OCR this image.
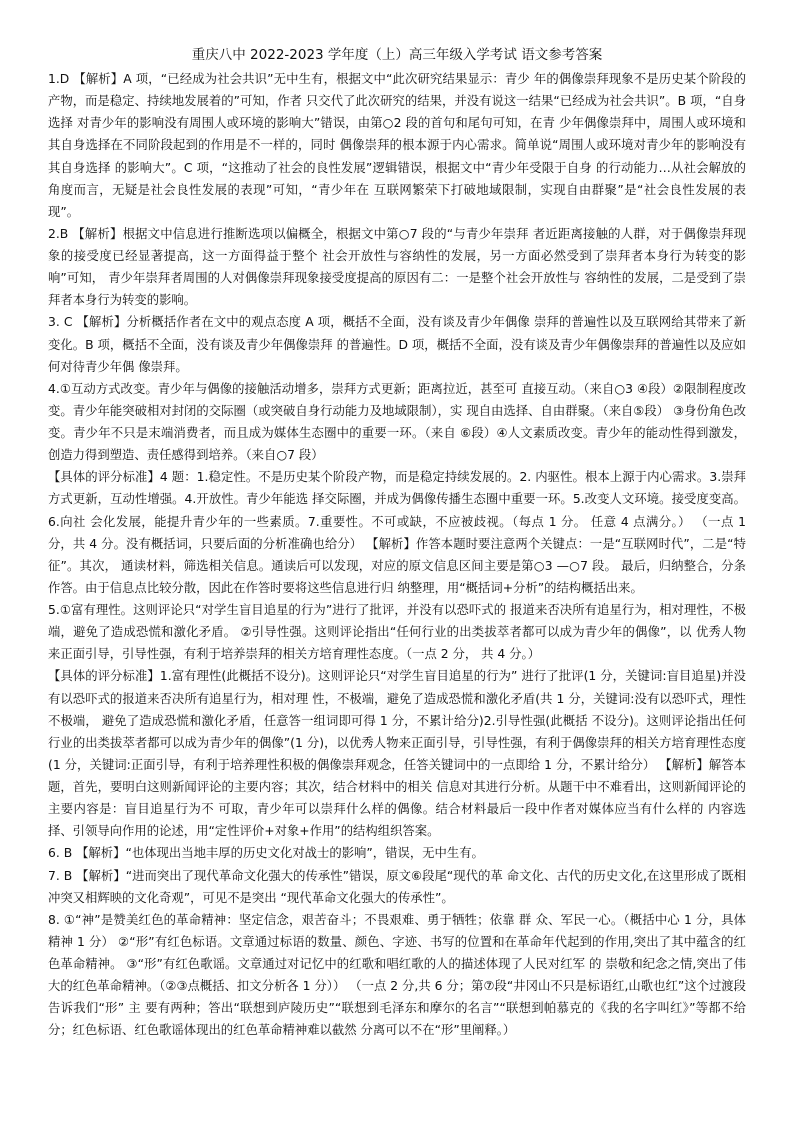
重庆八中 2022-2023 学年度（上）高三年级入学考试 语文参考答案

1.D 【解析】A 项，“已经成为社会共识”无中生有，根据文中“此次研究结果显示：青少 年的偶像崇拜现象不是历史某个阶段的产物，而是稳定、持续地发展着的”可知，作者 只交代了此次研究的结果，并没有说这一结果“已经成为社会共识”。B 项，“自身选择 对青少年的影响没有周围人或环境的影响大”错误，由第○2 段的首句和尾句可知，在青 少年偶像崇拜中，周围人或环境和其自身选择在不同阶段起到的作用是不一样的，同时 偶像崇拜的根本源于内心需求。简单说“周围人或环境对青少年的影响没有其自身选择 的影响大”。C 项，“这推动了社会的良性发展”逻辑错误，根据文中“青少年受限于自身 的行动能力…从社会解放的角度而言，无疑是社会良性发展的表现”可知，“青少年在 互联网繁荣下打破地域限制，实现自由群聚”是“社会良性发展的表现”。

2.B 【解析】根据文中信息进行推断选项以偏概全，根据文中第○7 段的“与青少年崇拜 者近距离接触的人群，对于偶像崇拜现象的接受度已经显著提高，这一方面得益于整个 社会开放性与容纳性的发展，另一方面必然受到了崇拜者本身行为转变的影响”可知， 青少年崇拜者周围的人对偶像崇拜现象接受度提高的原因有二：一是整个社会开放性与 容纳性的发展，二是受到了崇拜者本身行为转变的影响。

3. C 【解析】分析概括作者在文中的观点态度 A 项，概括不全面，没有谈及青少年偶像 崇拜的普遍性以及互联网给其带来了新变化。B 项，概括不全面，没有谈及青少年偶像崇拜 的普遍性。D 项，概括不全面，没有谈及青少年偶像崇拜的普遍性以及应如何对待青少年偶 像崇拜。

4.①互动方式改变。青少年与偶像的接触活动增多，崇拜方式更新；距离拉近，甚至可 直接互动。（来自○3 ④段）②限制程度改变。青少年能突破相对封闭的交际圈（或突破自身行动能力及地域限制），实 现自由选择、自由群聚。（来自⑤段） ③身份角色改变。青少年不只是末端消费者，而且成为媒体生态圈中的重要一环。（来自 ⑥段）④人文素质改变。青少年的能动性得到激发，创造力得到塑造、责任感得到培养。（来自○7 段）

【具体的评分标准】4 题：1.稳定性。不是历史某个阶段产物，而是稳定持续发展的。2. 内驱性。根本上源于内心需求。3.崇拜方式更新，互动性增强。4.开放性。青少年能选 择交际圈，并成为偶像传播生态圈中重要一环。5.改变人文环境。接受度变高。6.向社 会化发展，能提升青少年的一些素质。7.重要性。不可或缺，不应被歧视。（每点 1 分。 任意 4 点满分。） （一点 1 分，共 4 分。没有概括词，只要后面的分析准确也给分） 【解析】作答本题时要注意两个关键点：一是“互联网时代”，二是“特征”。其次， 通读材料，筛选相关信息。通读后可以发现，对应的原文信息区间主要是第○3 —○7 段。 最后，归纳整合，分条作答。由于信息点比较分散，因此在作答时要将这些信息进行归 纳整理，用“概括词+分析”的结构概括出来。

5.①富有理性。这则评论只“对学生盲目追星的行为”进行了批评，并没有以恐吓式的 报道来否决所有追星行为，相对理性，不极端，避免了造成恐慌和激化矛盾。 ②引导性强。这则评论指出“任何行业的出类拔萃者都可以成为青少年的偶像”，以 优秀人物来正面引导，引导性强，有利于培养崇拜的相关方培育理性态度。（一点 2 分， 共 4 分。）

【具体的评分标准】1.富有理性(此概括不设分)。这则评论只“对学生盲目追星的行为” 进行了批评(1 分，关键词:盲目追星)并没有以恐吓式的报道来否决所有追星行为，相对理 性，不极端，避免了造成恐慌和激化矛盾(共 1 分，关键词:没有以恐吓式，理性不极端， 避免了造成恐慌和激化矛盾，任意答一组词即可得 1 分，不累计给分)2.引导性强(此概括 不设分)。这则评论指出任何行业的出类拔萃者都可以成为青少年的偶像”(1 分)，以优秀人物来正面引导，引导性强，有利于偶像崇拜的相关方培育理性态度(1 分，关键词:正面引导，有利于培养理性积极的偶像崇拜观念，任答关键词中的一点即给 1 分，不累计给分） 【解析】解答本题，首先，要明白这则新闻评论的主要内容；其次，结合材料中的相关 信息对其进行分析。从题干中不难看出，这则新闻评论的主要内容是：盲目追星行为不 可取，青少年可以崇拜什么样的偶像。结合材料最后一段中作者对媒体应当有什么样的 内容选择、引领导向作用的论述，用“定性评价+对象+作用”的结构组织答案。

6. B 【解析】“也体现出当地丰厚的历史文化对战士的影响”，错误，无中生有。

7. B 【解析】“进而突出了现代革命文化强大的传承性”错误，原文⑥段尾“现代的革 命文化、古代的历史文化,在这里形成了既相冲突又相辉映的文化奇观”，可见不是突出 “现代革命文化强大的传承性”。

8. ①“神”是赞美红色的革命精神：坚定信念，艰苦奋斗；不畏艰难、勇于牺牲；依靠 群 众、军民一心。（概括中心 1 分，具体精神 1 分） ②“形”有红色标语。文章通过标语的数量、颜色、字迹、书写的位置和在革命年代起到的作用,突出了其中蕴含的红色革命精神。 ③“形”有红色歌谣。文章通过对记忆中的红歌和唱红歌的人的描述体现了人民对红军 的 崇敬和纪念之情,突出了伟大的红色革命精神。（②③点概括、扣文分析各 1 分）） （一点 2 分,共 6 分；第⑦段“井冈山不只是标语红,山歌也红”这个过渡段告诉我们“形” 主 要有两种；答出“联想到庐陵历史”“联想到毛泽东和摩尔的名言”“联想到帕慕克的《我的名字叫红》”等都不给分；红色标语、红色歌谣体现出的红色革命精神难以截然 分离可以不在“形”里阐释。）
